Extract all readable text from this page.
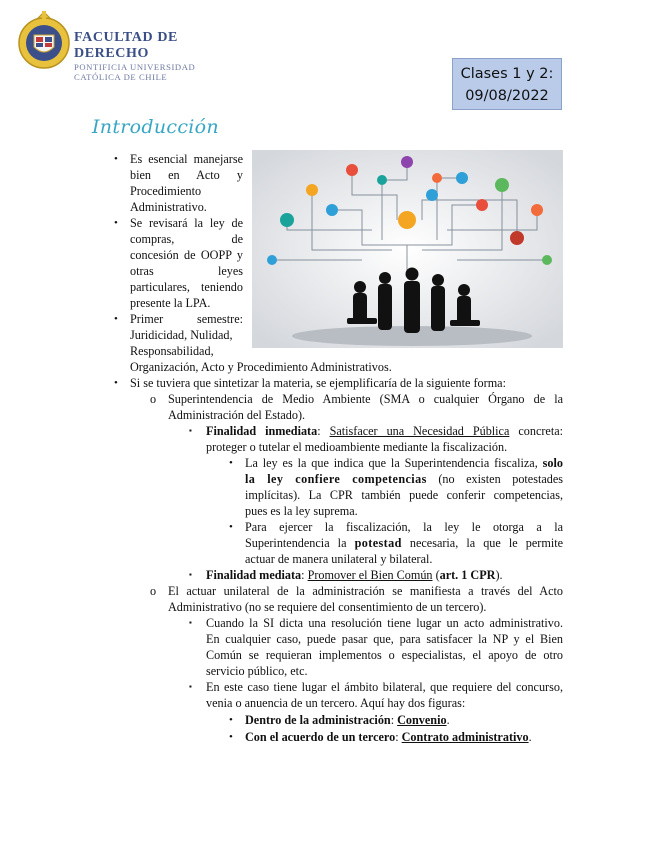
FACULTAD DE DERECHO
PONTIFICIA UNIVERSIDAD
CATÓLICA DE CHILE	Clases 1 y 2:
09/08/2022
Introducción
• Es esencial manejarse
bien en Acto y
Procedimiento
Administrativo.
• Se revisará la ley de
compras, de
concesión de OOPP y
otras leyes
particulares, teniendo
presente la LPA.
• Primer semestre:
Juridicidad, Nulidad,
Responsabilidad,
Organización, Acto y Procedimiento Administrativos.
• Si se tuviera que sintetizar la materia, se ejemplificaría de la siguiente forma:
o Superintendencia de Medio Ambiente (SMA o cualquier Órgano de la
Administración del Estado).
▪ Finalidad inmediata: Satisfacer una Necesidad Pública concreta:
proteger o tutelar el medioambiente mediante la fiscalización.
• La ley es la que indica que la Superintendencia fiscaliza, solo
la ley confiere competencias (no existen potestades
implícitas). La CPR también puede conferir competencias,
pues es la ley suprema.
• Para ejercer la fiscalización, la ley le otorga a la
Superintendencia la potestad necesaria, la que le permite
actuar de manera unilateral y bilateral.
▪ Finalidad mediata: Promover el Bien Común (art. 1 CPR).
o El actuar unilateral de la administración se manifiesta a través del Acto
Administrativo (no se requiere del consentimiento de un tercero).
▪ Cuando la SI dicta una resolución tiene lugar un acto administrativo.
En cualquier caso, puede pasar que, para satisfacer la NP y el Bien
Común se requieran implementos o especialistas, el apoyo de otro
servicio público, etc.
▪ En este caso tiene lugar el ámbito bilateral, que requiere del concurso,
venia o anuencia de un tercero. Aquí hay dos figuras:
• Dentro de la administración: Convenio.
• Con el acuerdo de un tercero: Contrato administrativo.
